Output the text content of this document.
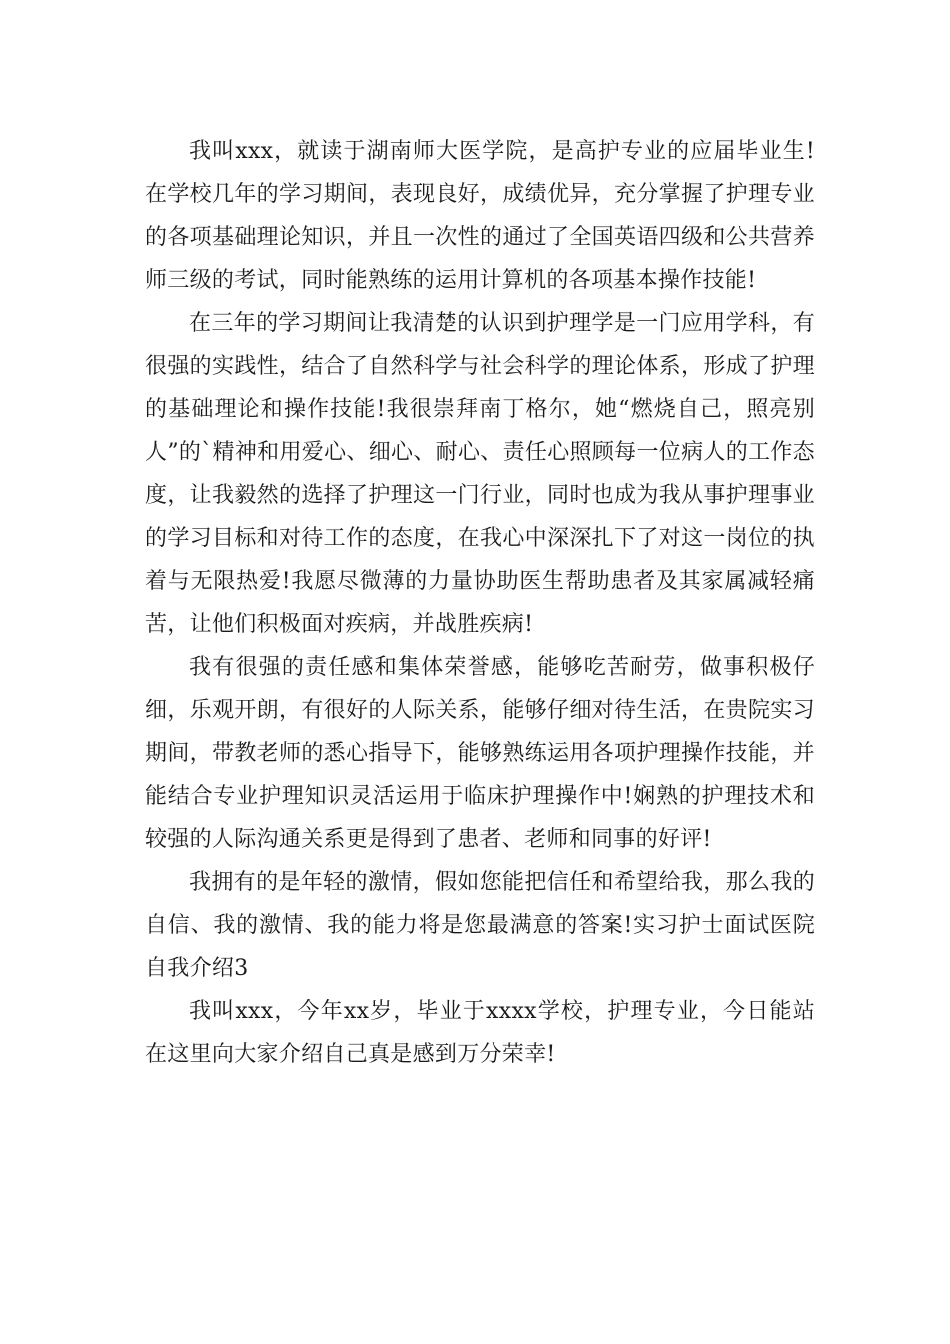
我叫xxx，就读于湖南师大医学院，是高护专业的应届毕业生!在学校几年的学习期间，表现良好，成绩优异，充分掌握了护理专业的各项基础理论知识，并且一次性的通过了全国英语四级和公共营养师三级的考试，同时能熟练的运用计算机的各项基本操作技能!

在三年的学习期间让我清楚的认识到护理学是一门应用学科，有很强的实践性，结合了自然科学与社会科学的理论体系，形成了护理的基础理论和操作技能!我很崇拜南丁格尔，她“燃烧自己，照亮别人”的`精神和用爱心、细心、耐心、责任心照顾每一位病人的工作态度，让我毅然的选择了护理这一门行业，同时也成为我从事护理事业的学习目标和对待工作的态度，在我心中深深扎下了对这一岗位的执着与无限热爱!我愿尽微薄的力量协助医生帮助患者及其家属减轻痛苦，让他们积极面对疾病，并战胜疾病!

我有很强的责任感和集体荣誉感，能够吃苦耐劳，做事积极仔细，乐观开朗，有很好的人际关系，能够仔细对待生活，在贵院实习期间，带教老师的悉心指导下，能够熟练运用各项护理操作技能，并能结合专业护理知识灵活运用于临床护理操作中!娴熟的护理技术和较强的人际沟通关系更是得到了患者、老师和同事的好评!

我拥有的是年轻的激情，假如您能把信任和希望给我，那么我的自信、我的激情、我的能力将是您最满意的答案!实习护士面试医院自我介绍3

我叫xxx，今年xx岁，毕业于xxxx学校，护理专业，今日能站在这里向大家介绍自己真是感到万分荣幸!
